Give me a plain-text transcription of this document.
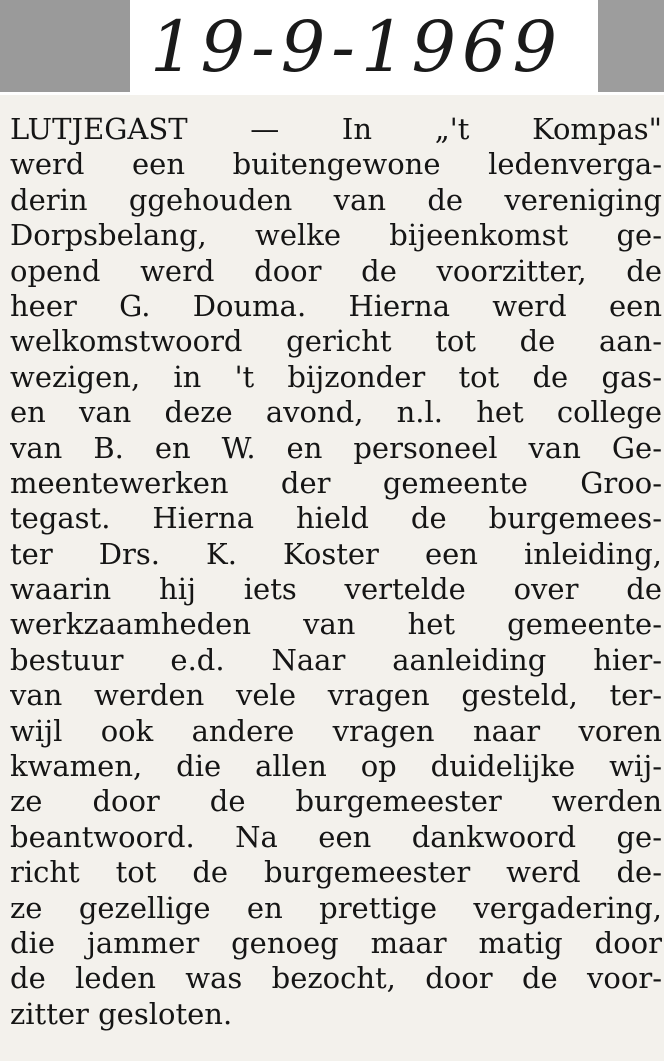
19-9-1969
LUTJEGAST — In „'t Kompas"
werd een buitengewone ledenverga-
derin ggehouden van de vereniging
Dorpsbelang, welke bijeenkomst ge-
opend werd door de voorzitter, de
heer G. Douma. Hierna werd een
welkomstwoord gericht tot de aan-
wezigen, in 't bijzonder tot de gas-
en van deze avond, n.l. het college
van B. en W. en personeel van Ge-
meentewerken der gemeente Groo-
tegast. Hierna hield de burgemees-
ter Drs. K. Koster een inleiding,
waarin hij iets vertelde over de
werkzaamheden van het gemeente-
bestuur e.d. Naar aanleiding hier-
van werden vele vragen gesteld, ter-
wijl ook andere vragen naar voren
kwamen, die allen op duidelijke wij-
ze door de burgemeester werden
beantwoord. Na een dankwoord ge-
richt tot de burgemeester werd de-
ze gezellige en prettige vergadering,
die jammer genoeg maar matig door
de leden was bezocht, door de voor-
zitter gesloten.
